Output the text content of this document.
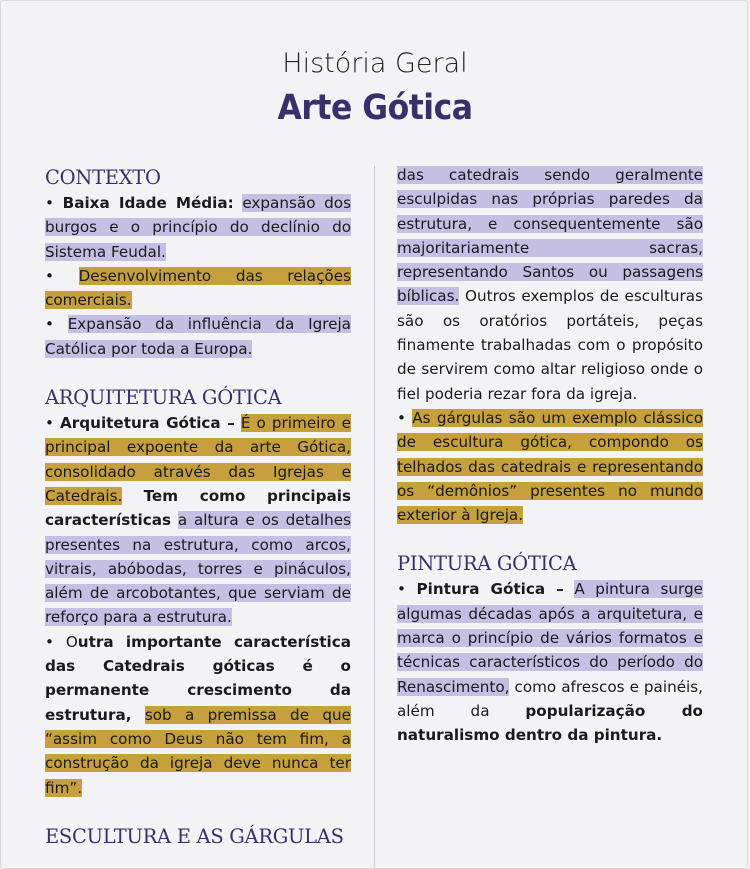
História Geral
Arte Gótica
CONTEXTO

• Baixa Idade Média: expansão dos burgos e o princípio do declínio do Sistema Feudal.

• Desenvolvimento das relações comerciais.

• Expansão da influência da Igreja Católica por toda a Europa.

ARQUITETURA GÓTICA

• Arquitetura Gótica – É o primeiro e principal expoente da arte Gótica, consolidado através das Igrejas e Catedrais. Tem como principais características a altura e os detalhes presentes na estrutura, como arcos, vitrais, abóbodas, torres e pináculos, além de arcobotantes, que serviam de reforço para a estrutura.

• Outra importante característica das Catedrais góticas é o permanente crescimento da estrutura, sob a premissa de que “assim como Deus não tem fim, a construção da igreja deve nunca ter fim”.

ESCULTURA E AS GÁRGULAS

das catedrais sendo geralmente esculpidas nas próprias paredes da estrutura, e consequentemente são majoritariamente sacras, representando Santos ou passagens bíblicas. Outros exemplos de esculturas são os oratórios portáteis, peças finamente trabalhadas com o propósito de servirem como altar religioso onde o fiel poderia rezar fora da igreja.

• As gárgulas são um exemplo clássico de escultura gótica, compondo os telhados das catedrais e representando os “demônios” presentes no mundo exterior à Igreja.

PINTURA GÓTICA

• Pintura Gótica – A pintura surge algumas décadas após a arquitetura, e marca o princípio de vários formatos e técnicas característicos do período do Renascimento, como afrescos e painéis, além da popularização do naturalismo dentro da pintura.
